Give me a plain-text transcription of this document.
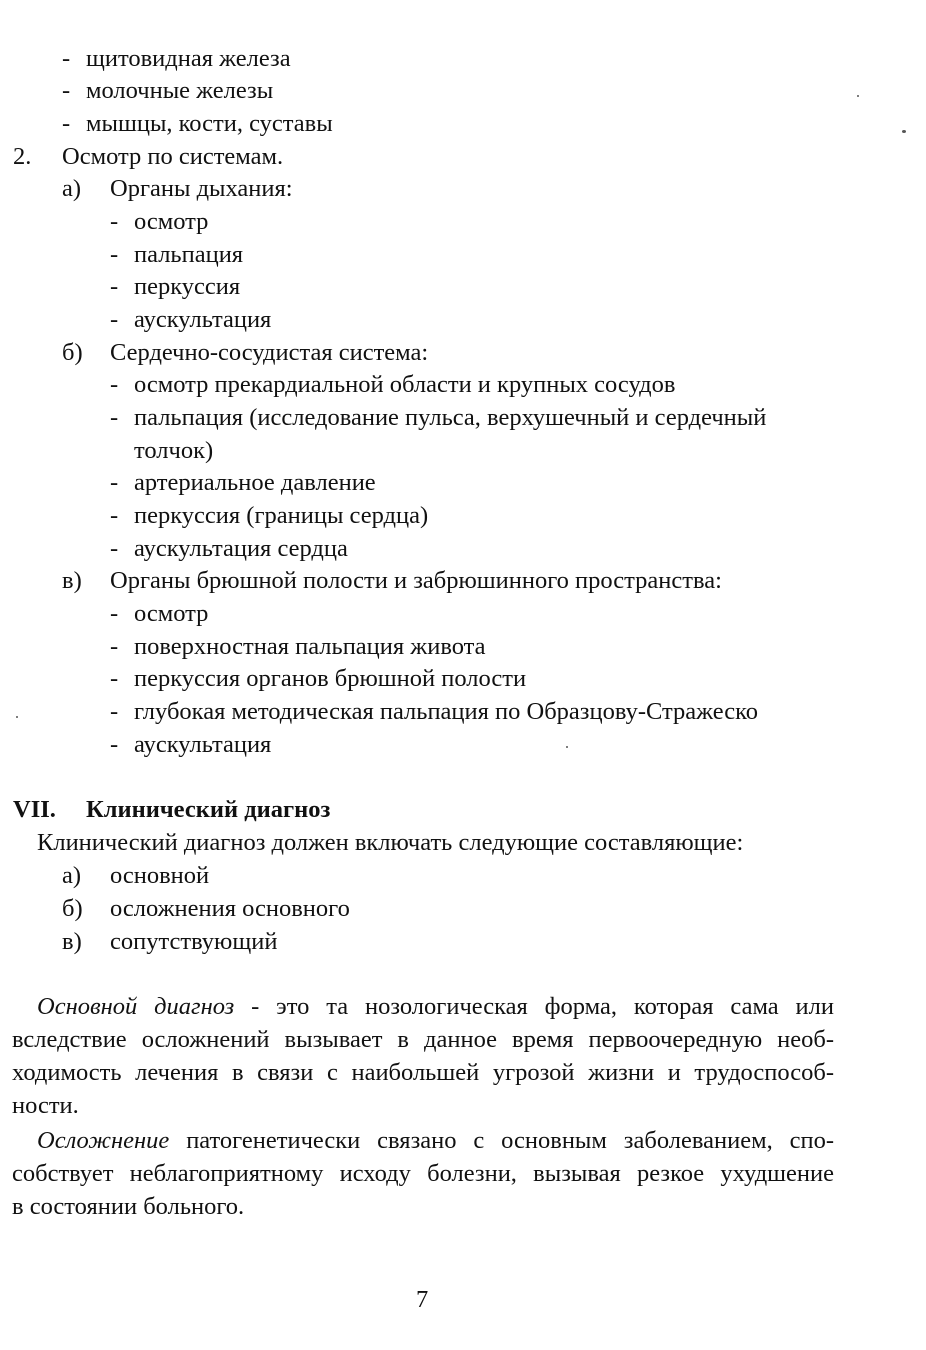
- щитовидная железа
- молочные железы
- мышцы, кости, суставы
2. Осмотр по системам.
а) Органы дыхания:
- осмотр
- пальпация
- перкуссия
- аускультация
б) Сердечно-сосудистая система:
- осмотр прекардиальной области и крупных сосудов
- пальпация (исследование пульса, верхушечный и сердечный
толчок)
- артериальное давление
- перкуссия (границы сердца)
- аускультация сердца
в) Органы брюшной полости и забрюшинного пространства:
- осмотр
- поверхностная пальпация живота
- перкуссия органов брюшной полости
- глубокая методическая пальпация по Образцову-Стражеско
- аускультация
VII. Клинический диагноз
Клинический диагноз должен включать следующие составляющие:
а) основной
б) осложнения основного
в) сопутствующий
Основной диагноз - это та нозологическая форма, которая сама или
вследствие осложнений вызывает в данное время первоочередную необ-
ходимость лечения в связи с наибольшей угрозой жизни и трудоспособ-
ности.
Осложнение патогенетически связано с основным заболеванием, спо-
собствует неблагоприятному исходу болезни, вызывая резкое ухудшение
в состоянии больного.
7
